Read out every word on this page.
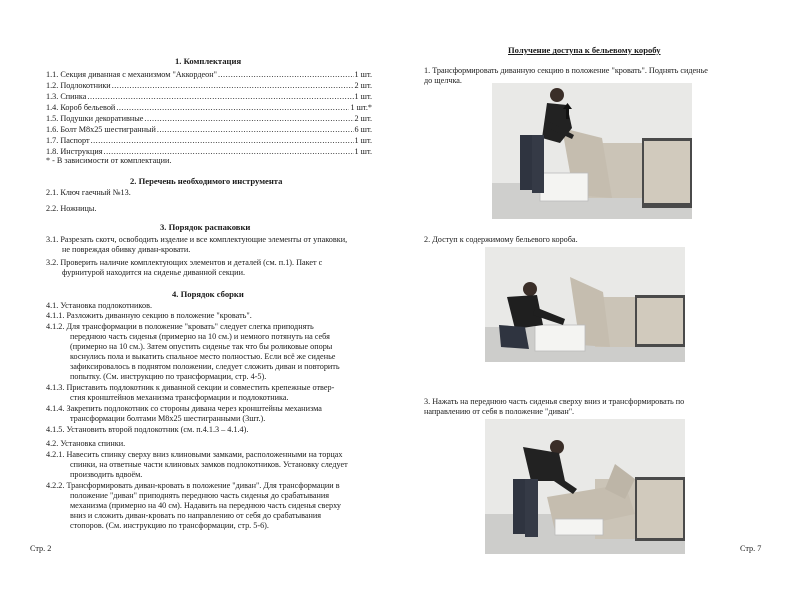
1. Комплектация
1.1. Секция диванная с механизмом "Аккордеон" .....	1 шт.
1.2. Подлокотники .....	2 шт.
1.3. Спинка .....	1 шт.
1.4. Короб бельевой .....	1 шт.*
1.5. Подушки декоративные .....	2 шт.
1.6. Болт М8х25 шестигранный .....	6 шт.
1.7. Паспорт .....	1 шт.
1.8. Инструкция .....	1 шт.
* - В зависимости от комплектации.
2. Перечень необходимого инструмента
2.1. Ключ гаечный №13.
2.2. Ножницы.
3. Порядок распаковки
3.1. Разрезать скотч, освободить изделие и все комплектующие элементы от упаковки,
не повреждая обивку диван-кровати.
3.2. Проверить наличие комплектующих элементов и деталей (см. п.1). Пакет с
фурнитурой находится на сиденье диванной секции.
4. Порядок сборки
4.1. Установка подлокотников.
4.1.1. Разложить диванную секцию в положение "кровать".
4.1.2. Для трансформации в положение "кровать" следует слегка приподнять
переднюю часть сиденья (примерно на 10 см.) и немного потянуть на себя
(примерно на 10 см.). Затем опустить сиденье так что бы роликовые опоры
коснулись пола и выкатить спальное место полностью. Если всё же сиденье
зафиксировалось в поднятом положении, следует сложить диван и повторить
попытку. (См. инструкцию по трансформации, стр. 4-5).
4.1.3. Приставить подлокотник к диванной секции и совместить крепежные отвер-
стия кронштейнов механизма трансформации и подлокотника.
4.1.4. Закрепить подлокотник со стороны дивана через кронштейны механизма
трансформации болтами М8х25 шестигранными (3шт.).
4.1.5. Установить второй подлокотник (см. п.4.1.3 – 4.1.4).
4.2. Установка спинки.
4.2.1. Навесить спинку сверху вниз клиновыми замками, расположенными на торцах
спинки, на ответные части клиновых замков подлокотников. Установку следует
производить вдвоём.
4.2.2. Трансформировать диван-кровать в положение "диван". Для трансформации в
положение "диван" приподнять переднюю часть сиденья до срабатывания
механизма (примерно на 40 см). Надавить на переднюю часть сиденья сверху
вниз и сложить диван-кровать по направлению от себя до срабатывания
стопоров. (См. инструкцию по трансформации, стр. 5-6).
Стр. 2
Получение доступа к бельевому коробу
1. Трансформировать диванную секцию в положение "кровать". Поднять сиденье
до щелчка.
2. Доступ к содержимому бельевого короба.
3. Нажать на переднюю часть сиденья сверху вниз и трансформировать по
направлению от себя в положение "диван".
Стр. 7
